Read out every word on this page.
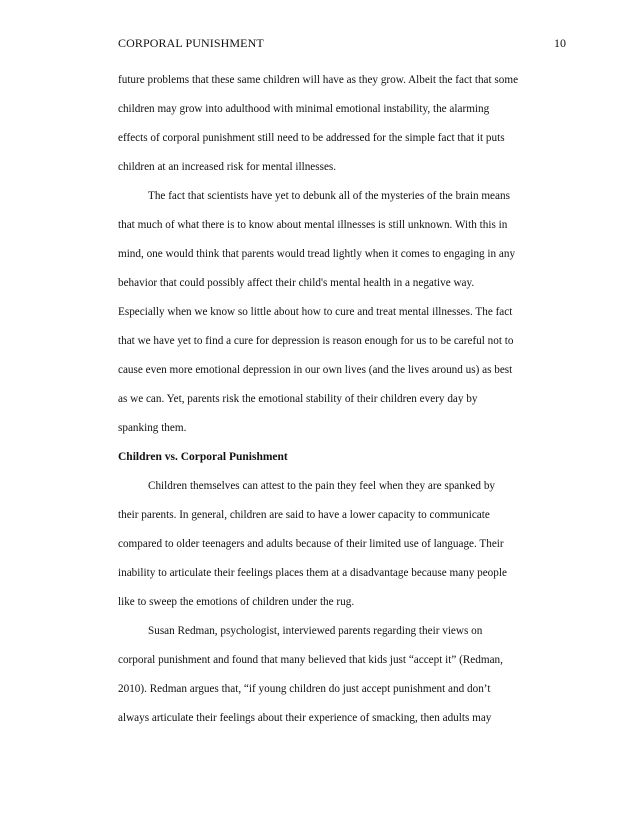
CORPORAL PUNISHMENT	10
future problems that these same children will have as they grow. Albeit the fact that some
children may grow into adulthood with minimal emotional instability, the alarming
effects of corporal punishment still need to be addressed for the simple fact that it puts
children at an increased risk for mental illnesses.
The fact that scientists have yet to debunk all of the mysteries of the brain means
that much of what there is to know about mental illnesses is still unknown. With this in
mind, one would think that parents would tread lightly when it comes to engaging in any
behavior that could possibly affect their child's mental health in a negative way.
Especially when we know so little about how to cure and treat mental illnesses. The fact
that we have yet to find a cure for depression is reason enough for us to be careful not to
cause even more emotional depression in our own lives (and the lives around us) as best
as we can. Yet, parents risk the emotional stability of their children every day by
spanking them.
Children vs. Corporal Punishment
Children themselves can attest to the pain they feel when they are spanked by
their parents. In general, children are said to have a lower capacity to communicate
compared to older teenagers and adults because of their limited use of language. Their
inability to articulate their feelings places them at a disadvantage because many people
like to sweep the emotions of children under the rug.
Susan Redman, psychologist, interviewed parents regarding their views on
corporal punishment and found that many believed that kids just “accept it” (Redman,
2010). Redman argues that, “if young children do just accept punishment and don’t
always articulate their feelings about their experience of smacking, then adults may
